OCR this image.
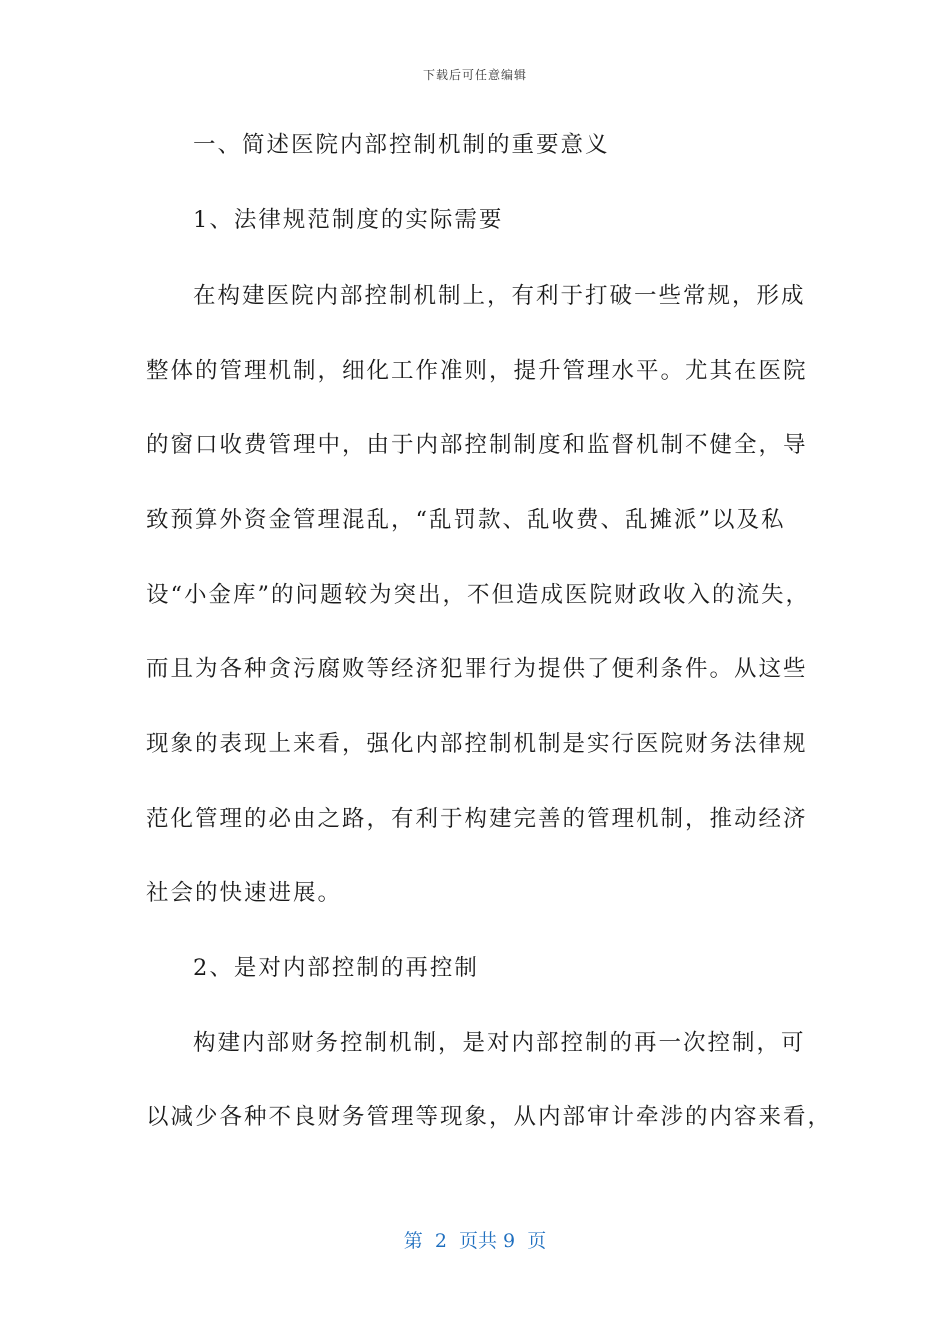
下载后可任意编辑
一、简述医院内部控制机制的重要意义
1、法律规范制度的实际需要
在构建医院内部控制机制上，有利于打破一些常规，形成
整体的管理机制，细化工作准则，提升管理水平。尤其在医院
的窗口收费管理中，由于内部控制制度和监督机制不健全，导
致预算外资金管理混乱，“乱罚款、乱收费、乱摊派”以及私
设“小金库”的问题较为突出，不但造成医院财政收入的流失，
而且为各种贪污腐败等经济犯罪行为提供了便利条件。从这些
现象的表现上来看，强化内部控制机制是实行医院财务法律规
范化管理的必由之路，有利于构建完善的管理机制，推动经济
社会的快速进展。
2、是对内部控制的再控制
构建内部财务控制机制，是对内部控制的再一次控制，可
以减少各种不良财务管理等现象，从内部审计牵涉的内容来看，
第  2  页共 9  页
